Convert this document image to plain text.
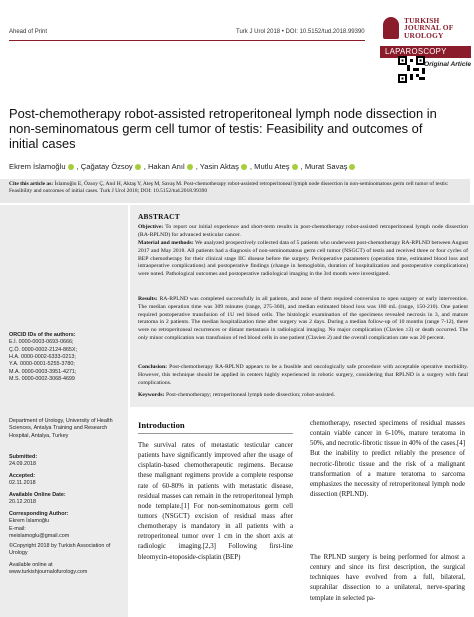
Ahead of Print	Turk J Urol 2018 • DOI: 10.5152/tud.2018.99390
TURKISH
JOURNAL OF
UROLOGY
LAPAROSCOPY
Original Article
Post-chemotherapy robot-assisted retroperitoneal lymph node dissection in non-seminomatous germ cell tumor of testis: Feasibility and outcomes of initial cases
Ekrem İslamoğlu , Çağatay Özsoy , Hakan Anıl , Yasin Aktaş , Mutlu Ateş , Murat Savaş
Cite this article as: İslamoğlu E, Özsoy Ç, Anıl H, Aktaş Y, Ateş M, Savaş M. Post-chemotherapy robot-assisted retroperitoneal lymph node dissection in non-seminomatous germ cell tumor of testis: Feasibility and outcomes of initial cases. Turk J Urol 2018; DOI: 10.5152/tud.2018.99390
ORCID IDs of the authors:
E.İ. 0000-0003-0693-0666;
Ç.Ö. 0000-0002-2124-865X;
H.A. 0000-0002-6333-0213;
Y.A. 0000-0001-5255-3780;
M.A. 0000-0003-3951-4271;
M.S. 0000-0002-3068-4699
Department of Urology, University of Health Sciences, Antalya Training and Research Hospital, Antalya, Turkey
Submitted:
24.09.2018
Accepted:
02.11.2018
Available Online Date:
20.12.2018
Corresponding Author:
Ekrem İslamoğlu
E-mail:
meislamoglu@gmail.com
©Copyright 2018 by Turkish Association of Urology
Available online at
www.turkishjournalofurology.com
ABSTRACT
Objective: To report our initial experience and short-term results in post-chemotherapy robot-assisted retroperitoneal lymph node dissection (RA-RPLND) for advanced testicular cancer.
Material and methods: We analyzed prospectively collected data of 5 patients who underwent post-chemotherapy RA-RPLND between August 2017 and May 2018. All patients had a diagnosis of non-seminomatous germ cell tumor (NSGCT) of testis and received three or four cycles of BEP chemotherapy for their clinical stage IIC disease before the surgery. Perioperative parameters (operation time, estimated blood loss and intraoperative complications) and postoperative findings (change in hemoglobin, duration of hospitalization and postoperative complications) were noted. Pathological outcomes and postoperative radiological imaging in the 3rd month were investigated.
Results: RA-RPLND was completed successfully in all patients, and none of them required conversion to open surgery or early intervention. The median operation time was 309 minutes (range, 275-360), and median estimated blood loss was 180 mL (range, 150-210). One patient required postoperative transfusion of 1U red blood cells. The histologic examination of the specimens revealed necrosis in 3, and mature teratoma in 2 patients. The median hospitalization time after surgery was 2 days. During a median follow-up of 10 months (range 7-12), there were no retroperitoneal recurrences or distant metastasis in radiological imaging. No major complication (Clavien ≥3) or death occurred. The only minor complication was transfusion of red blood cells in one patient (Clavien 2) and the overall complication rate was 20 percent.
Conclusion: Post-chemotherapy RA-RPLND appears to be a feasible and oncologically safe procedure with acceptable operative morbidity. However, this technique should be applied in centers highly experienced in robotic surgery, considering that RPLND is a surgery with fatal complications.
Keywords: Post-chemotherapy; retroperitoneal lymph node dissection; robot-assisted.
Introduction
The survival rates of metastatic testicular cancer patients have significantly improved after the usage of cisplatin-based chemotherapeutic regimens. Because these malignant regimens provide a complete response rate of 60-80% in patients with metastatic disease, residual masses can remain in the retroperitoneal lymph node template.[1] For non-seminomatous germ cell tumors (NSGCT) excision of residual mass after chemotherapy is mandatory in all patients with a retroperitoneal tumor over 1 cm in the short axis at radiologic imaging.[2,3] Following first-line bleomycin-etoposide-cisplatin (BEP)
chemotherapy, resected specimens of residual masses contain viable cancer in 6-10%, mature teratoma in 50%, and necrotic-fibrotic tissue in 40% of the cases.[4] But the inability to predict reliably the presence of necrotic-fibrotic tissue and the risk of a malignant transformation of a mature teratoma to sarcoma emphasizes the necessity of retroperitoneal lymph node dissection (RPLND).
The RPLND surgery is being performed for almost a century and since its first description, the surgical techniques have evolved from a full, bilateral, suprahilar dissection to a unilateral, nerve-sparing template in selected pa-
